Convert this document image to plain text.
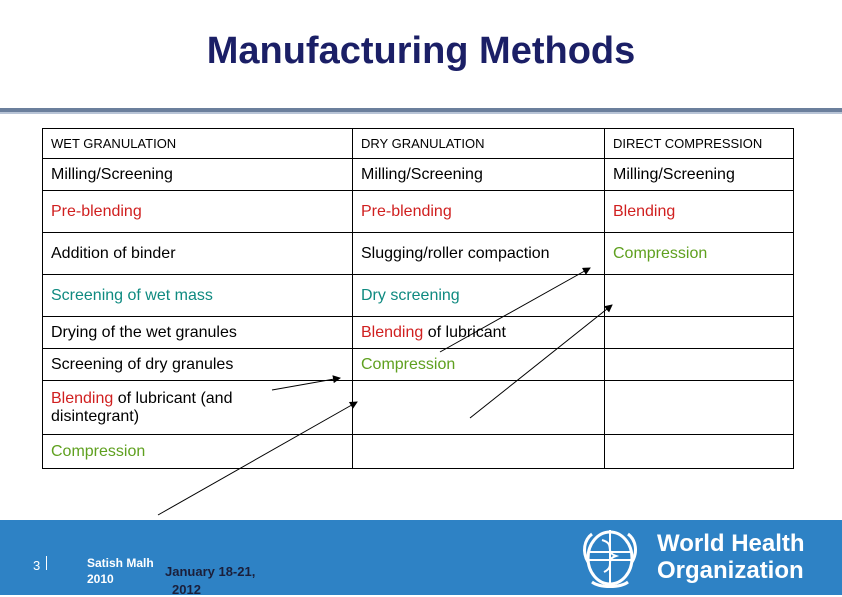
Manufacturing Methods
WET GRANULATION	DRY GRANULATION	DIRECT COMPRESSION
Milling/Screening	Milling/Screening	Milling/Screening
Pre-blending	Pre-blending	Blending
Addition of binder	Slugging/roller compaction	Compression
Screening of wet mass	Dry screening	
Drying of the wet granules	Blending of lubricant	
Screening of dry granules	Compression	
Blending of lubricant (and
disintegrant)		
Compression		
3	Satish Malh
2010	January 18-21,
2012
World Health
Organization
